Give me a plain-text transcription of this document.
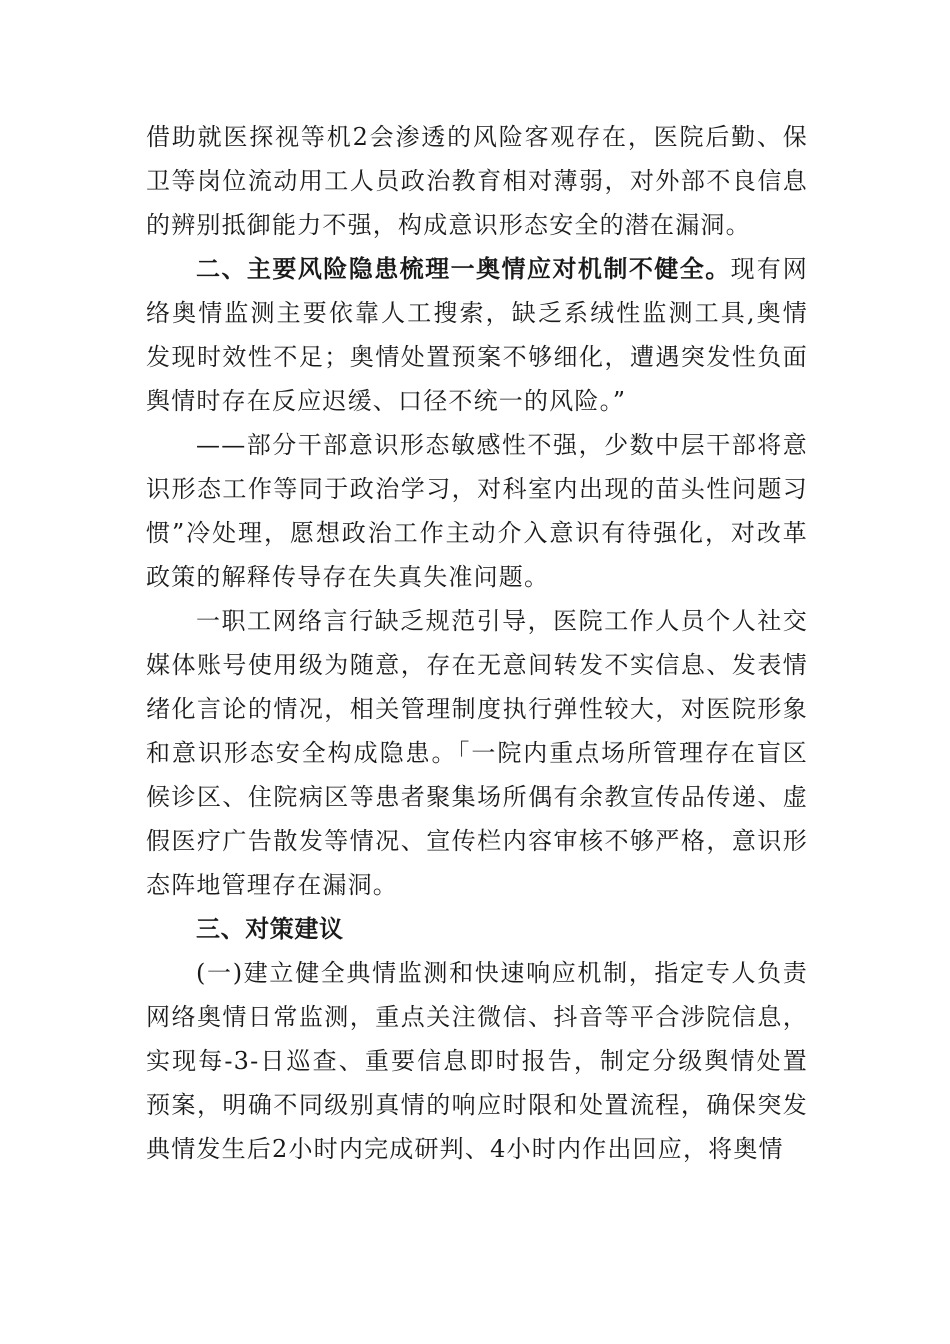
借助就医探视等机2会渗透的风险客观存在，医院后勤、保卫等岗位流动用工人员政治教育相对薄弱，对外部不良信息的辨别抵御能力不强，构成意识形态安全的潜在漏洞。

二、主要风险隐患梳理一奥情应对机制不健全。现有网络奥情监测主要依靠人工搜索，缺乏系绒性监测工具,奥情发现时效性不足；奥情处置预案不够细化，遭遇突发性负面舆情时存在反应迟缓、口径不统一的风险。”

——部分干部意识形态敏感性不强，少数中层干部将意识形态工作等同于政治学习，对科室内出现的苗头性问题习惯”冷处理，愿想政治工作主动介入意识有待强化，对改革政策的解释传导存在失真失准问题。

一职工网络言行缺乏规范引导，医院工作人员个人社交媒体账号使用级为随意，存在无意间转发不实信息、发表情绪化言论的情况，相关管理制度执行弹性较大，对医院形象和意识形态安全构成隐患。「一院内重点场所管理存在盲区候诊区、住院病区等患者聚集场所偶有余教宣传品传递、虚假医疗广告散发等情况、宣传栏内容审核不够严格，意识形态阵地管理存在漏洞。

三、对策建议

(一)建立健全典情监测和快速响应机制，指定专人负责网络奥情日常监测，重点关注微信、抖音等平合涉院信息，实现每-3-日巡查、重要信息即时报告，制定分级舆情处置预案，明确不同级别真情的响应时限和处置流程，确保突发典情发生后2小时内完成研判、4小时内作出回应，将奥情
